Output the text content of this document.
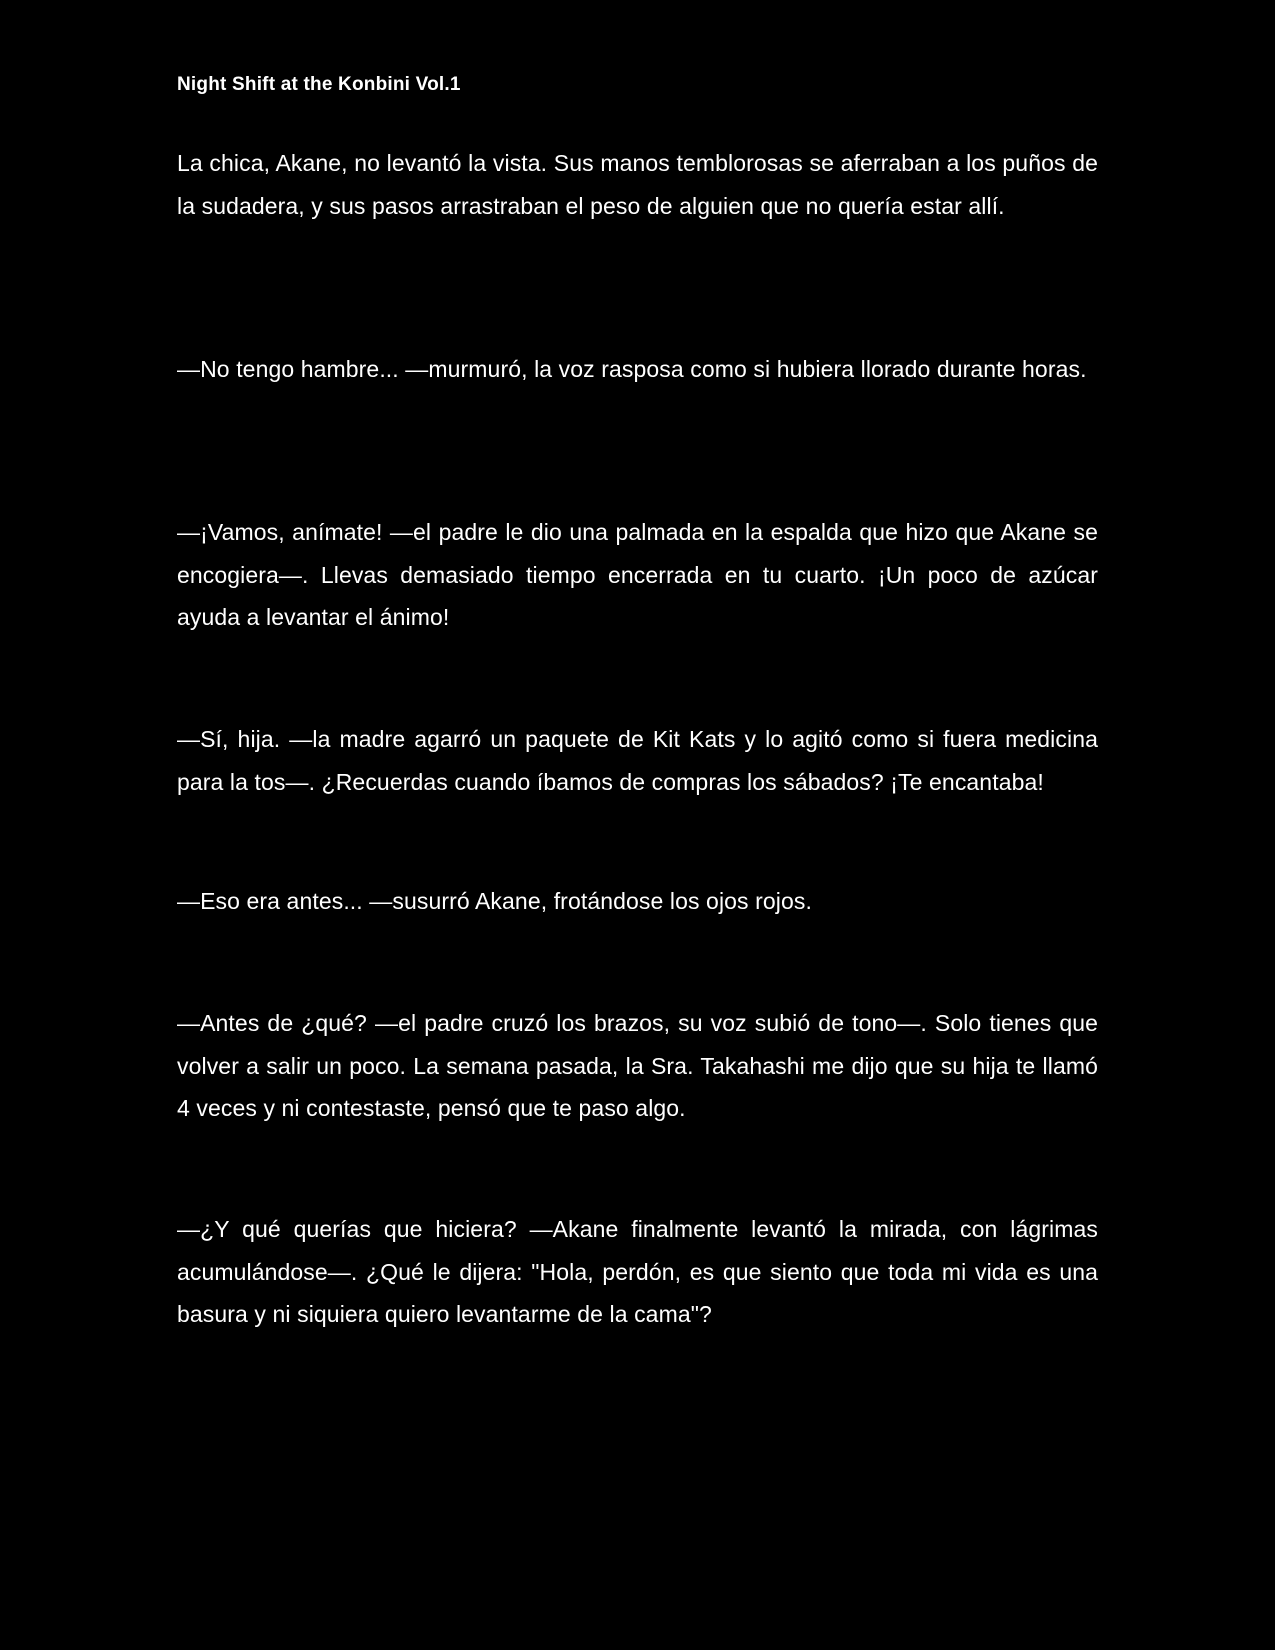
Night Shift at the Konbini Vol.1

La chica, Akane, no levantó la vista. Sus manos temblorosas se aferraban a los puños de la sudadera, y sus pasos arrastraban el peso de alguien que no quería estar allí.

—No tengo hambre... —murmuró, la voz rasposa como si hubiera llorado durante horas.

—¡Vamos, anímate! —el padre le dio una palmada en la espalda que hizo que Akane se encogiera—. Llevas demasiado tiempo encerrada en tu cuarto. ¡Un poco de azúcar ayuda a levantar el ánimo!

—Sí, hija. —la madre agarró un paquete de Kit Kats y lo agitó como si fuera medicina para la tos—. ¿Recuerdas cuando íbamos de compras los sábados? ¡Te encantaba!

—Eso era antes... —susurró Akane, frotándose los ojos rojos.

—Antes de ¿qué? —el padre cruzó los brazos, su voz subió de tono—. Solo tienes que volver a salir un poco. La semana pasada, la Sra. Takahashi me dijo que su hija te llamó 4 veces y ni contestaste, pensó que te paso algo.

—¿Y qué querías que hiciera? —Akane finalmente levantó la mirada, con lágrimas acumulándose—. ¿Qué le dijera: "Hola, perdón, es que siento que toda mi vida es una basura y ni siquiera quiero levantarme de la cama"?
